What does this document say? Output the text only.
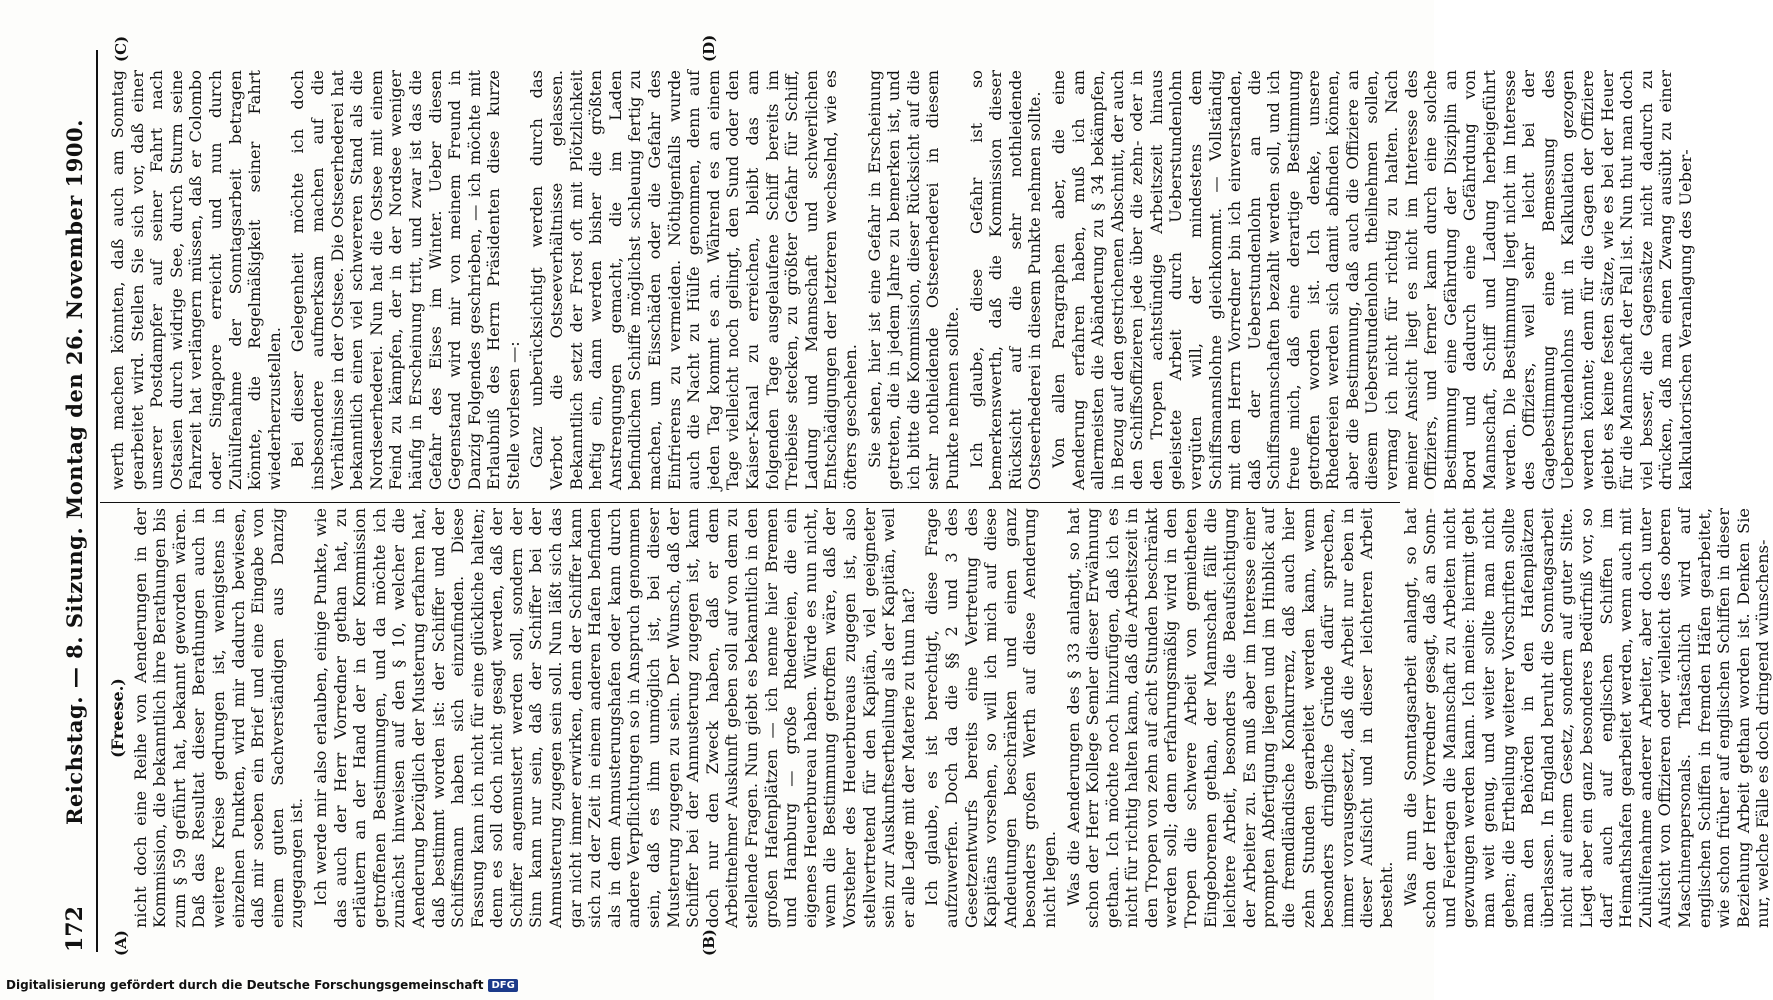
172
Reichstag. — 8. Sitzung. Montag den 26. November 1900.
(A)	(B)
(C)	(D)
(Freese.) nicht doch eine Reihe von Aenderungen in der Kommission, die bekanntlich ihre Berathungen bis zum § 59 geführt hat, bekannt geworden wären. Daß das Resultat dieser Berathungen auch in weitere Kreise gedrungen ist, wenigstens in einzelnen Punkten, wird mir dadurch bewiesen, daß mir soeben ein Brief und eine Eingabe von einem guten Sachverständigen aus Danzig zugegangen ist. Ich werde mir also erlauben, einige Punkte, wie das auch der Herr Vorredner gethan hat, zu erläutern an der Hand der in der Kommission getroffenen Bestimmungen, und da möchte ich zunächst hinweisen auf den § 10, welcher die Aenderung bezüglich der Musterung erfahren hat, daß bestimmt worden ist: der Schiffer und der Schiffsmann haben sich einzufinden. Diese Fassung kann ich nicht für eine glückliche halten; denn es soll doch nicht gesagt werden, daß der Schiffer angemustert werden soll, sondern der Sinn kann nur sein, daß der Schiffer bei der Anmusterung zugegen sein soll. Nun läßt sich das gar nicht immer erwirken, denn der Schiffer kann sich zu der Zeit in einem anderen Hafen befinden als in dem Anmusterungshafen oder kann durch andere Verpflichtungen so in Anspruch genommen sein, daß es ihm unmöglich ist, bei dieser Musterung zugegen zu sein. Der Wunsch, daß der Schiffer bei der Anmusterung zugegen ist, kann doch nur den Zweck haben, daß er dem Arbeitnehmer Auskunft geben soll auf von dem zu stellende Fragen. Nun giebt es bekanntlich in den großen Hafenplätzen — ich nenne hier Bremen und Hamburg — große Rhedereien, die ein eigenes Heuerbureau haben. Würde es nun nicht, wenn die Bestimmung getroffen wäre, daß der Vorsteher des Heuerbureaus zugegen ist, also stellvertretend für den Kapitän, viel geeigneter sein zur Auskunftsertheilung als der Kapitän, weil er alle Lage mit der Materie zu thun hat? Ich glaube, es ist berechtigt, diese Frage aufzuwerfen. Doch da die §§ 2 und 3 des Gesetzentwurfs bereits eine Vertretung des Kapitäns vorsehen, so will ich mich auf diese Andeutungen beschränken und einen ganz besonders großen Werth auf diese Aenderung nicht legen. Was die Aenderungen des § 33 anlangt, so hat schon der Herr Kollege Semler dieser Erwähnung gethan. Ich möchte noch hinzufügen, daß ich es nicht für richtig halten kann, daß die Arbeitszeit in den Tropen von zehn auf acht Stunden beschränkt werden soll; denn erfahrungsmäßig wird in den Tropen die schwere Arbeit von gemietheten Eingeborenen gethan, der Mannschaft fällt die leichtere Arbeit, besonders die Beaufsichtigung der Arbeiter zu. Es muß aber im Interesse einer prompten Abfertigung liegen und im Hinblick auf die fremdländische Konkurrenz, daß auch hier zehn Stunden gearbeitet werden kann, wenn besonders dringliche Gründe dafür sprechen, immer vorausgesetzt, daß die Arbeit nur eben in dieser Aufsicht und in dieser leichteren Arbeit besteht. Was nun die Sonntagsarbeit anlangt, so hat schon der Herr Vorredner gesagt, daß an Sonn- und Feiertagen die Mannschaft zu Arbeiten nicht gezwungen werden kann. Ich meine: hiermit geht man weit genug, und weiter sollte man nicht gehen; die Ertheilung weiterer Vorschriften sollte man den Behörden in den Hafenplätzen überlassen. In England beruht die Sonntagsarbeit nicht auf einem Gesetz, sondern auf guter Sitte. Liegt aber ein ganz besonderes Bedürfniß vor, so darf auch auf englischen Schiffen im Heimathshafen gearbeitet werden, wenn auch mit Zuhülfenahme anderer Arbeiter, aber doch unter Aufsicht von Offizieren oder vielleicht des oberen Maschinenpersonals. Thatsächlich wird auf englischen Schiffen in fremden Häfen gearbeitet, wie schon früher auf englischen Schiffen in dieser Beziehung Arbeit gethan worden ist. Denken Sie nur, welche Fälle es doch dringend wünschens-

werth machen könnten, daß auch am Sonntag gearbeitet wird. Stellen Sie sich vor, daß einer unserer Postdampfer auf seiner Fahrt nach Ostasien durch widrige See, durch Sturm seine Fahrzeit hat verlängern müssen, daß er Colombo oder Singapore erreicht und nun durch Zuhülfenahme der Sonntagsarbeit betragen könnte, die Regelmäßigkeit seiner Fahrt wiederherzustellen. Bei dieser Gelegenheit möchte ich doch insbesondere aufmerksam machen auf die Verhältnisse in der Ostsee. Die Ostseerhederei hat bekanntlich einen viel schwereren Stand als die Nordseerhederei. Nun hat die Ostsee mit einem Feind zu kämpfen, der in der Nordsee weniger häufig in Erscheinung tritt, und zwar ist das die Gefahr des Eises im Winter. Ueber diesen Gegenstand wird mir von meinem Freund in Danzig Folgendes geschrieben, — ich möchte mit Erlaubniß des Herrn Präsidenten diese kurze Stelle vorlesen —: Ganz unberücksichtigt werden durch das Verbot die Ostseeverhältnisse gelassen. Bekanntlich setzt der Frost oft mit Plötzlichkeit heftig ein, dann werden bisher die größten Anstrengungen gemacht, die im Laden befindlichen Schiffe möglichst schleunig fertig zu machen, um Eisschäden oder die Gefahr des Einfrierens zu vermeiden. Nöthigenfalls wurde auch die Nacht zu Hülfe genommen, denn auf jeden Tag kommt es an. Während es an einem Tage vielleicht noch gelingt, den Sund oder den Kaiser-Kanal zu erreichen, bleibt das am folgenden Tage ausgelaufene Schiff bereits im Treibeise stecken, zu größter Gefahr für Schiff, Ladung und Mannschaft und schwerlichen Entschädigungen der letzteren wechselnd, wie es öfters geschehen. Sie sehen, hier ist eine Gefahr in Erscheinung getreten, die in jedem Jahre zu bemerken ist, und ich bitte die Kommission, dieser Rücksicht auf die sehr nothleidende Ostseerhederei in diesem Punkte nehmen sollte. Ich glaube, diese Gefahr ist so bemerkenswerth, daß die Kommission dieser Rücksicht auf die sehr nothleidende Ostseerhederei in diesem Punkte nehmen sollte. Von allen Paragraphen aber, die eine Aenderung erfahren haben, muß ich am allermeisten die Abänderung zu § 34 bekämpfen, in Bezug auf den gestrichenen Abschnitt, der auch den Schiffsoffizieren jede über die zehn- oder in den Tropen achtstündige Arbeitszeit hinaus geleistete Arbeit durch Ueberstundenlohn vergüten will, der mindestens dem Schiffsmannslohne gleichkommt. — Vollständig mit dem Herrn Vorredner bin ich einverstanden, daß der Ueberstundenlohn an die Schiffsmannschaften bezahlt werden soll, und ich freue mich, daß eine derartige Bestimmung getroffen worden ist. Ich denke, unsere Rhedereien werden sich damit abfinden können, aber die Bestimmung, daß auch die Offiziere an diesem Ueberstundenlohn theilnehmen sollen, vermag ich nicht für richtig zu halten. Nach meiner Ansicht liegt es nicht im Interesse des Offiziers, und ferner kann durch eine solche Bestimmung eine Gefährdung der Disziplin an Bord und dadurch eine Gefährdung von Mannschaft, Schiff und Ladung herbeigeführt werden. Die Bestimmung liegt nicht im Interesse des Offiziers, weil sehr leicht bei der Gagebestimmung eine Bemessung des Ueberstundenlohns mit in Kalkulation gezogen werden könnte; denn für die Gagen der Offiziere giebt es keine festen Sätze, wie es bei der Heuer für die Mannschaft der Fall ist. Nun thut man doch viel besser, die Gagensätze nicht dadurch zu drücken, daß man einen Zwang ausübt zu einer kalkulatorischen Veranlagung des Ueber-

Digitalisierung gefördert durch die Deutsche Forschungsgemeinschaft DFG
